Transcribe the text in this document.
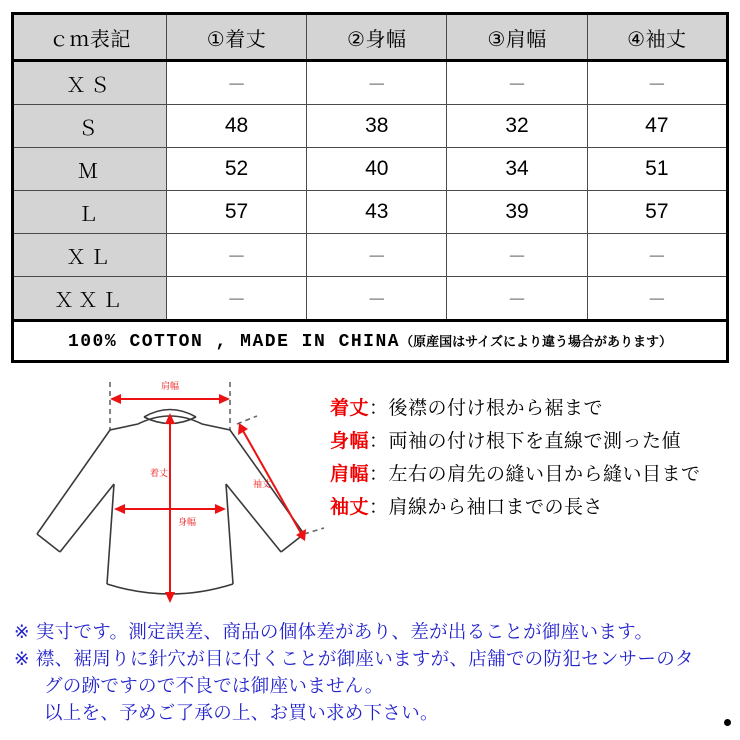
ｃｍ表記	①着丈	②身幅	③肩幅	④袖丈
ＸＳ	－	－	－	－
Ｓ	48	38	32	47
Ｍ	52	40	34	51
Ｌ	57	43	39	57
ＸＬ	－	－	－	－
ＸＸＬ	－	－	－	－
100% COTTON , MADE IN CHINA（原産国はサイズにより違う場合があります）				
肩幅
着丈
身幅
袖丈
着丈：後襟の付け根から裾まで
身幅：両袖の付け根下を直線で測った値
肩幅：左右の肩先の縫い目から縫い目まで
袖丈：肩線から袖口までの長さ
※ 実寸です。測定誤差、商品の個体差があり、差が出ることが御座います。
※ 襟、裾周りに針穴が目に付くことが御座いますが、店舗での防犯センサーのタ
グの跡ですので不良では御座いません。
以上を、予めご了承の上、お買い求め下さい。
